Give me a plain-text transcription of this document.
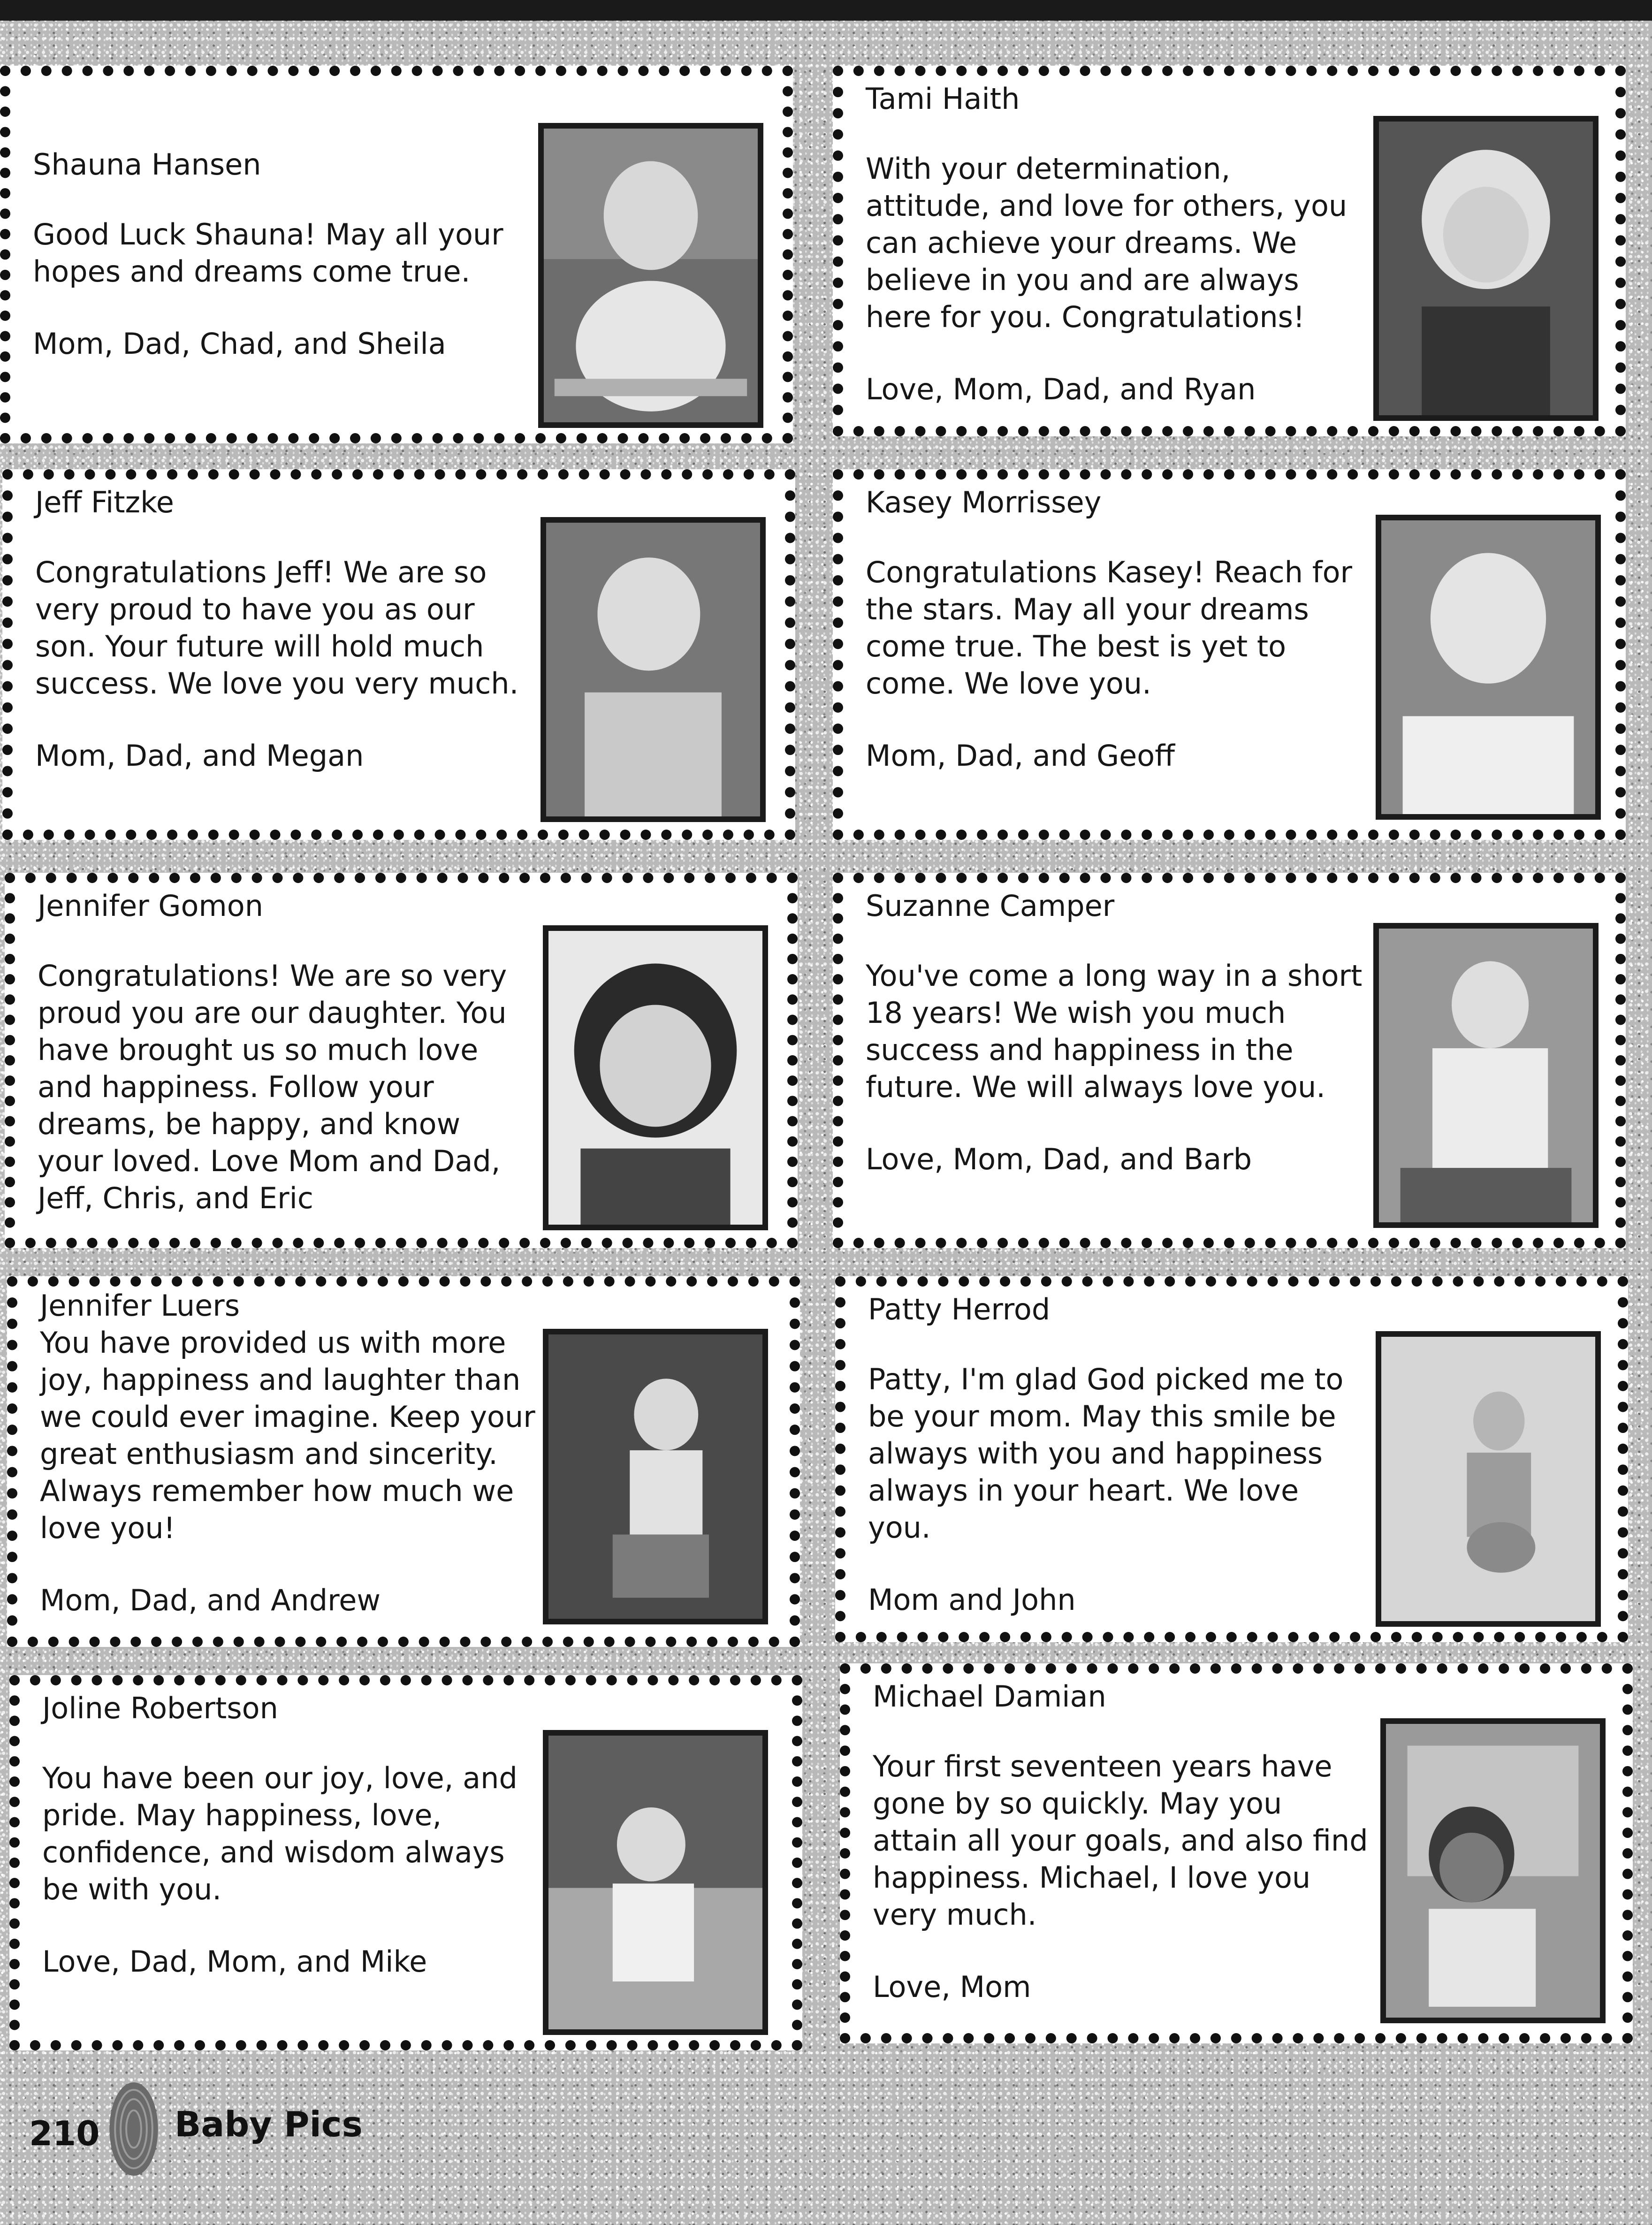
Shauna Hansen
Good Luck Shauna! May all your hopes and dreams come true.
Mom, Dad, Chad, and Sheila
Tami Haith
With your determination, attitude, and love for others, you can achieve your dreams. We believe in you and are always here for you. Congratulations!
Love, Mom, Dad, and Ryan
Jeff Fitzke
Congratulations Jeff! We are so very proud to have you as our son. Your future will hold much success. We love you very much.
Mom, Dad, and Megan
Kasey Morrissey
Congratulations Kasey! Reach for the stars. May all your dreams come true. The best is yet to come. We love you.
Mom, Dad, and Geoff
Jennifer Gomon
Congratulations! We are so very proud you are our daughter. You have brought us so much love and happiness. Follow your dreams, be happy, and know your loved. Love Mom and Dad, Jeff, Chris, and Eric
Suzanne Camper
You've come a long way in a short 18 years! We wish you much success and happiness in the future. We will always love you.
Love, Mom, Dad, and Barb
Jennifer Luers
You have provided us with more joy, happiness and laughter than we could ever imagine. Keep your great enthusiasm and sincerity. Always remember how much we love you!
Mom, Dad, and Andrew
Patty Herrod
Patty, I'm glad God picked me to be your mom. May this smile be always with you and happiness always in your heart. We love you.
Mom and John
Joline Robertson
You have been our joy, love, and pride. May happiness, love, confidence, and wisdom always be with you.
Love, Dad, Mom, and Mike
Michael Damian
Your first seventeen years have gone by so quickly. May you attain all your goals, and also find happiness. Michael, I love you very much.
Love, Mom
210 Baby Pics
